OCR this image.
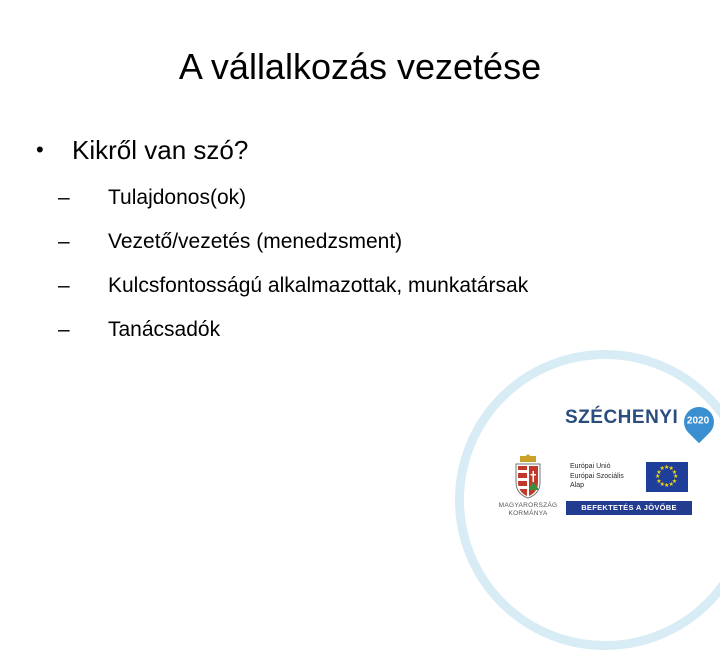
A vállalkozás vezetése
•	Kikről van szó?
–	Tulajdonos(ok)
–	Vezető/vezetés (menedzsment)
–	Kulcsfontosságú alkalmazottak, munkatársak
–	Tanácsadók
SZÉCHENYI 2020
MAGYARORSZÁG
KORMÁNYA
Európai Unió
Európai Szociális
Alap
★ ★
★
★
★
★
★
★
★
★
★
★
BEFEKTETÉS A JÖVŐBE
